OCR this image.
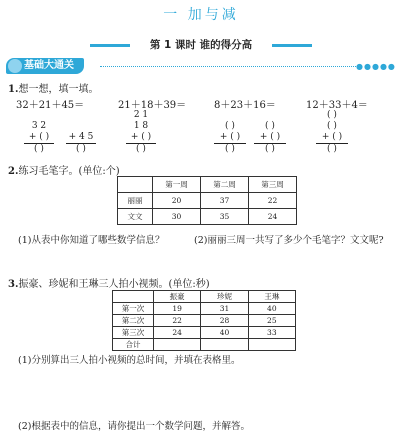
一 加与减
第 1 课时 谁的得分高
基础大通关	●●●●●
1.想一想，填一填。
32＋21＋45＝	21＋18＋39＝	8＋23＋16＝	12＋33＋4＝
3 2
+ ( )
( )
+ 4 5
( )
2 1
1 8
+ ( )
( )
( )
+ ( )
( )
( )
+ ( )
( )
( )
( )
+ ( )
( )
2.练习毛笔字。(单位:个)
	第一周	第二周	第三周
丽丽	20	37	22
文文	30	35	24
(1)从表中你知道了哪些数学信息？	(2)丽丽三周一共写了多少个毛笔字？文文呢?
3.振豪、珍妮和王琳三人拍小视频。(单位:秒)
	振豪	珍妮	王琳
第一次	19	31	40
第二次	22	28	25
第三次	24	40	33
合计			
(1)分别算出三人拍小视频的总时间，并填在表格里。
(2)根据表中的信息，请你提出一个数学问题，并解答。
